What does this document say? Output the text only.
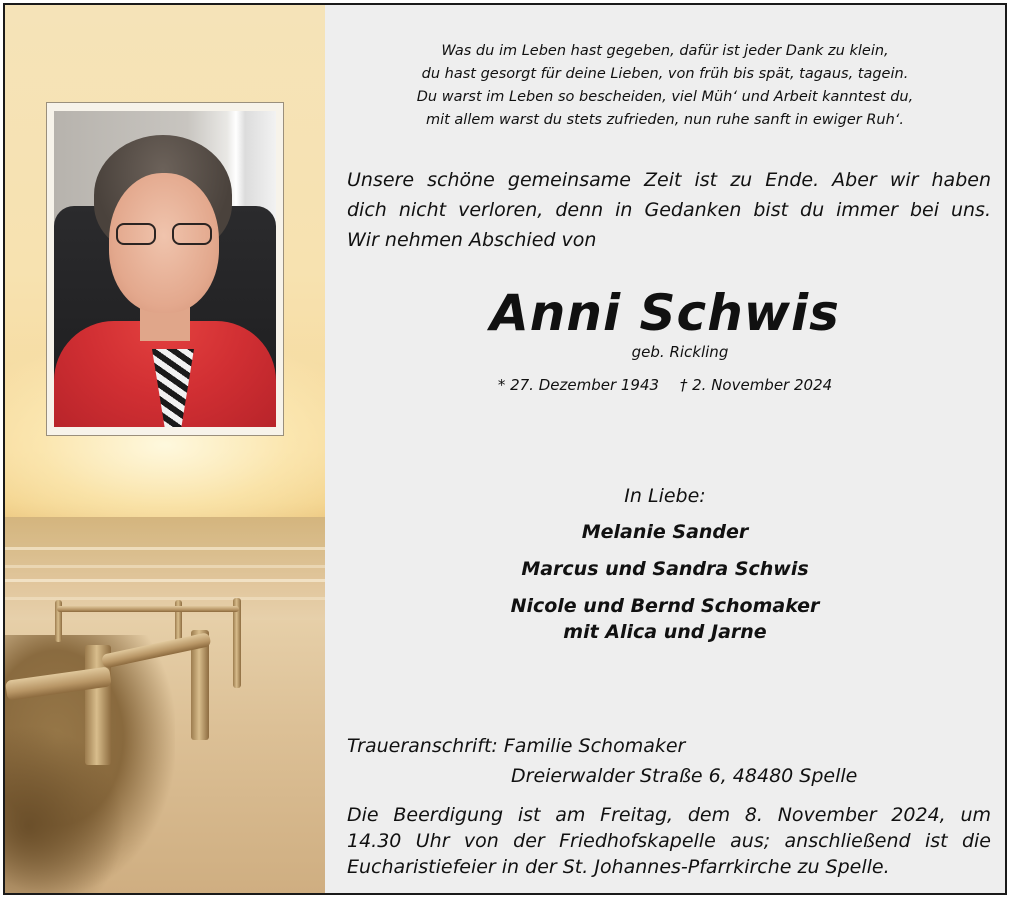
Was du im Leben hast gegeben, dafür ist jeder Dank zu klein,
du hast gesorgt für deine Lieben, von früh bis spät, tagaus, tagein.
Du warst im Leben so bescheiden, viel Müh‘ und Arbeit kanntest du,
mit allem warst du stets zufrieden, nun ruhe sanft in ewiger Ruh‘.
Unsere schöne gemeinsame Zeit ist zu Ende. Aber wir haben
dich nicht verloren, denn in Gedanken bist du immer bei uns.
Wir nehmen Abschied von
Anni Schwis
geb. Rickling
* 27. Dezember 1943 † 2. November 2024
In Liebe:
Melanie Sander
Marcus und Sandra Schwis
Nicole und Bernd Schomaker
mit Alica und Jarne
Traueranschrift: Familie Schomaker
Dreierwalder Straße 6, 48480 Spelle
Die Beerdigung ist am Freitag, dem 8. November 2024, um
14.30 Uhr von der Friedhofskapelle aus; anschließend ist die
Eucharistiefeier in der St. Johannes-Pfarrkirche zu Spelle.
